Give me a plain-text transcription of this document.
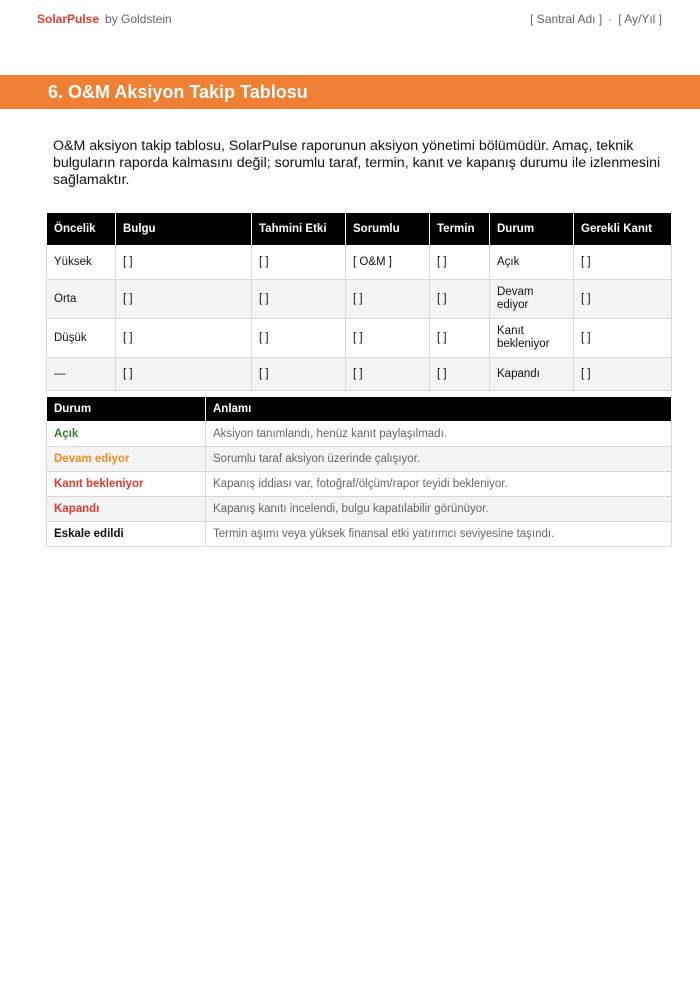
SolarPulse by Goldstein	[ Santral Adı ] · [ Ay/Yıl ]
6. O&M Aksiyon Takip Tablosu

O&M aksiyon takip tablosu, SolarPulse raporunun aksiyon yönetimi bölümüdür. Amaç, teknik bulguların raporda kalmasını değil; sorumlu taraf, termin, kanıt ve kapanış durumu ile izlenmesini sağlamaktır.

Öncelik	Bulgu	Tahmini Etki	Sorumlu	Termin	Durum	Gerekli Kanıt
Yüksek	[ ]	[ ]	[ O&M ]	[ ]	Açık	[ ]
Orta	[ ]	[ ]	[ ]	[ ]	Devam ediyor	[ ]
Düşük	[ ]	[ ]	[ ]	[ ]	Kanıt bekleniyor	[ ]
—	[ ]	[ ]	[ ]	[ ]	Kapandı	[ ]
Durum	Anlamı
Açık	Aksiyon tanımlandı, henüz kanıt paylaşılmadı.
Devam ediyor	Sorumlu taraf aksiyon üzerinde çalışıyor.
Kanıt bekleniyor	Kapanış iddiası var, fotoğraf/ölçüm/rapor teyidi bekleniyor.
Kapandı	Kapanış kanıtı incelendi, bulgu kapatılabilir görünüyor.
Eskale edildi	Termin aşımı veya yüksek finansal etki yatırımcı seviyesine taşındı.
